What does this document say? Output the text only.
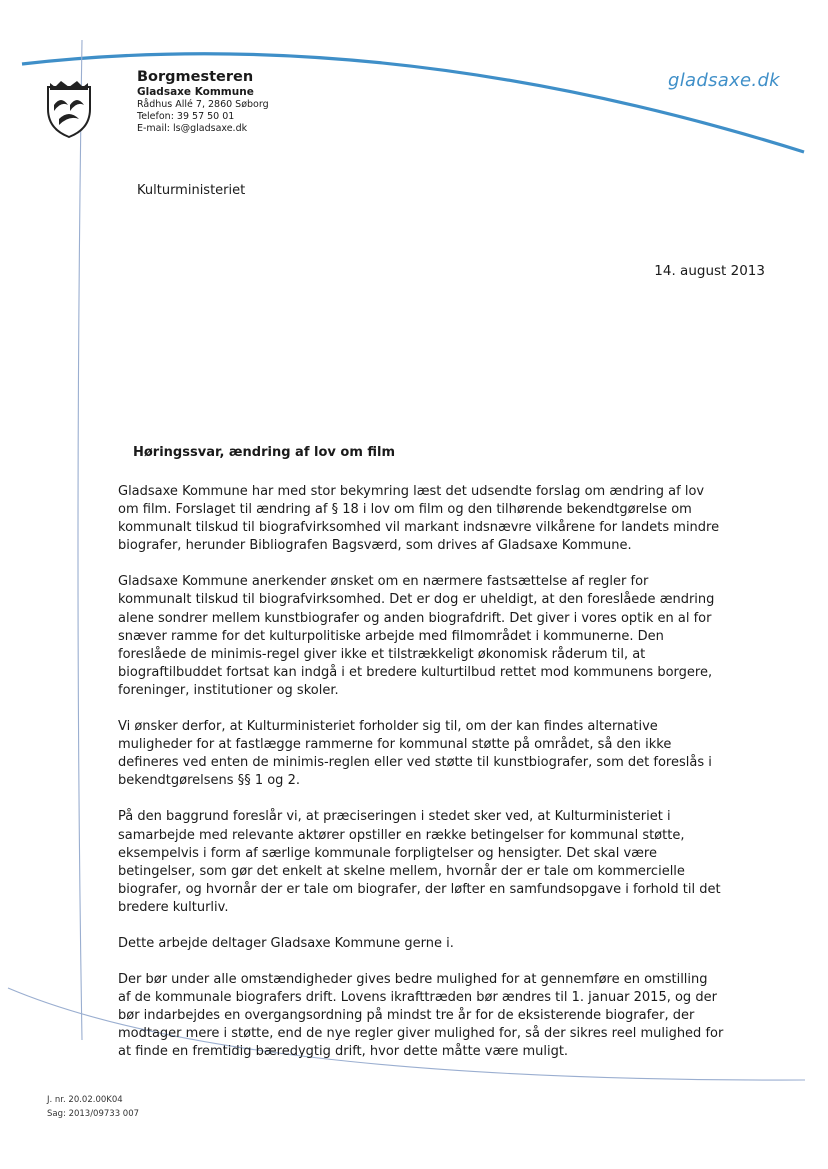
Borgmesteren
Gladsaxe Kommune
Rådhus Allé 7, 2860 Søborg
Telefon: 39 57 50 01
E-mail: ls@gladsaxe.dk
gladsaxe.dk
Kulturministeriet
14. august 2013
Høringssvar, ændring af lov om film

Gladsaxe Kommune har med stor bekymring læst det udsendte forslag om ændring af lov om film. Forslaget til ændring af § 18 i lov om film og den tilhørende bekendtgørelse om kommunalt tilskud til biografvirksomhed vil markant indsnævre vilkårene for landets mindre biografer, herunder Bibliografen Bagsværd, som drives af Gladsaxe Kommune.

Gladsaxe Kommune anerkender ønsket om en nærmere fastsættelse af regler for kommunalt tilskud til biografvirksomhed. Det er dog er uheldigt, at den foreslåede ændring alene sondrer mellem kunstbiografer og anden biografdrift. Det giver i vores optik en al for snæver ramme for det kulturpolitiske arbejde med filmområdet i kommunerne. Den foreslåede de minimis-regel giver ikke et tilstrækkeligt økonomisk råderum til, at biograftilbuddet fortsat kan indgå i et bredere kulturtilbud rettet mod kommunens borgere, foreninger, institutioner og skoler.

Vi ønsker derfor, at Kulturministeriet forholder sig til, om der kan findes alternative muligheder for at fastlægge rammerne for kommunal støtte på området, så den ikke defineres ved enten de minimis-reglen eller ved støtte til kunstbiografer, som det foreslås i bekendtgørelsens §§ 1 og 2.

På den baggrund foreslår vi, at præciseringen i stedet sker ved, at Kulturministeriet i samarbejde med relevante aktører opstiller en række betingelser for kommunal støtte, eksempelvis i form af særlige kommunale forpligtelser og hensigter. Det skal være betingelser, som gør det enkelt at skelne mellem, hvornår der er tale om kommercielle biografer, og hvornår der er tale om biografer, der løfter en samfundsopgave i forhold til det bredere kulturliv.

Dette arbejde deltager Gladsaxe Kommune gerne i.

Der bør under alle omstændigheder gives bedre mulighed for at gennemføre en omstilling af de kommunale biografers drift. Lovens ikrafttræden bør ændres til 1. januar 2015, og der bør indarbejdes en overgangsordning på mindst tre år for de eksisterende biografer, der modtager mere i støtte, end de nye regler giver mulighed for, så der sikres reel mulighed for at finde en fremtidig bæredygtig drift, hvor dette måtte være muligt.

J. nr. 20.02.00K04
Sag: 2013/09733 007
